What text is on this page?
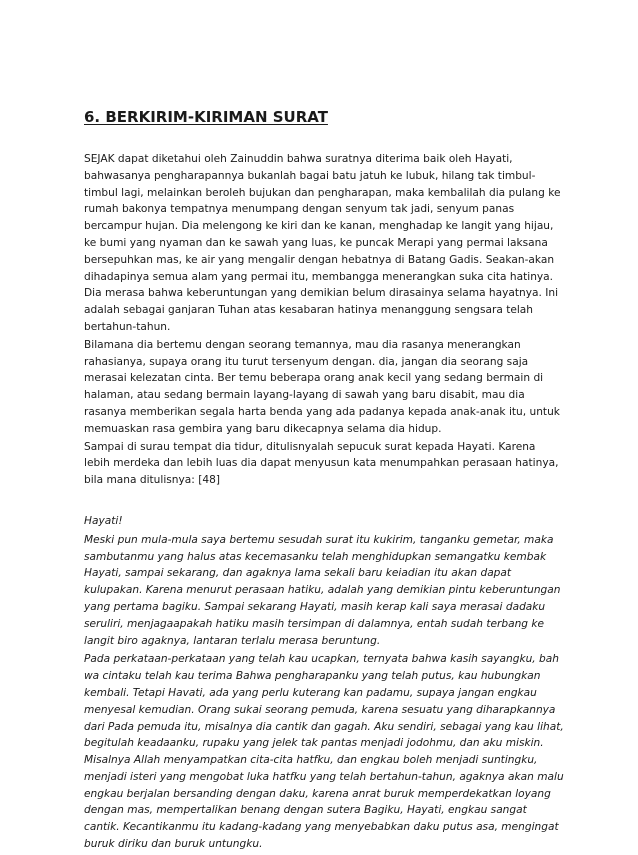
6. BERKIRIM-KIRIMAN SURAT

SEJAK dapat diketahui oleh Zainuddin bahwa suratnya diterima baik oleh Hayati, bahwasanya pengharapannya bukanlah bagai batu jatuh ke lubuk, hilang tak timbul-timbul lagi, melainkan beroleh bujukan dan pengharapan, maka kembalilah dia pulang ke rumah bakonya tempatnya menumpang dengan senyum tak jadi, senyum panas bercampur hujan. Dia melengong ke kiri dan ke kanan, menghadap ke langit yang hijau, ke bumi yang nyaman dan ke sawah yang luas, ke puncak Merapi yang permai laksana bersepuhkan mas, ke air yang mengalir dengan hebatnya di Batang Gadis. Seakan-akan dihadapinya semua alam yang permai itu, membangga menerangkan suka cita hatinya. Dia merasa bahwa keberuntungan yang demikian belum dirasainya selama hayatnya. Ini adalah sebagai ganjaran Tuhan atas kesabaran hatinya menanggung sengsara telah bertahun-tahun.

Bilamana dia bertemu dengan seorang temannya, mau dia rasanya menerangkan rahasianya, supaya orang itu turut tersenyum dengan. dia, jangan dia seorang saja merasai kelezatan cinta. Ber temu beberapa orang anak kecil yang sedang bermain di halaman, atau sedang bermain layang-layang di sawah yang baru disabit, mau dia rasanya memberikan segala harta benda yang ada padanya kepada anak-anak itu, untuk memuaskan rasa gembira yang baru dikecapnya selama dia hidup.

Sampai di surau tempat dia tidur, ditulisnyalah sepucuk surat kepada Hayati. Karena lebih merdeka dan lebih luas dia dapat menyusun kata menumpahkan perasaan hatinya, bila mana ditulisnya: [48]

Hayati!

Meski pun mula-mula saya bertemu sesudah surat itu kukirim, tanganku gemetar, maka sambutanmu yang halus atas kecemasanku telah menghidupkan semangatku kembak Hayati, sampai sekarang, dan agaknya lama sekali baru keiadian itu akan dapat kulupakan. Karena menurut perasaan hatiku, adalah yang demikian pintu keberuntungan yang pertama bagiku. Sampai sekarang Hayati, masih kerap kali saya merasai dadaku seruliri, menjagaapakah hatiku masih tersimpan di dalamnya, entah sudah terbang ke langit biro agaknya, lantaran terlalu merasa beruntung.

Pada perkataan-perkataan yang telah kau ucapkan, ternyata bahwa kasih sayangku, bah wa cintaku telah kau terima Bahwa pengharapanku yang telah putus, kau hubungkan kembali. Tetapi Havati, ada yang perlu kuterang kan padamu, supaya jangan engkau menyesal kemudian. Orang sukai seorang pemuda, karena sesuatu yang diharapkannya dari Pada pemuda itu, misalnya dia cantik dan gagah. Aku sendiri, sebagai yang kau lihat, begitulah keadaanku, rupaku yang jelek tak pantas menjadi jodohmu, dan aku miskin. Misalnya Allah menyampatkan cita-cita hatfku, dan engkau boleh menjadi suntingku, menjadi isteri yang mengobat luka hatfku yang telah bertahun-tahun, agaknya akan malu engkau berjalan bersanding dengan daku, karena anrat buruk memperdekatkan loyang dengan mas, mempertalikan benang dengan sutera Bagiku, Hayati, engkau sangat cantik. Kecantikanmu itu kadang-kadang yang menyebabkan daku putus asa, mengingat buruk diriku dan buruk untungku.
